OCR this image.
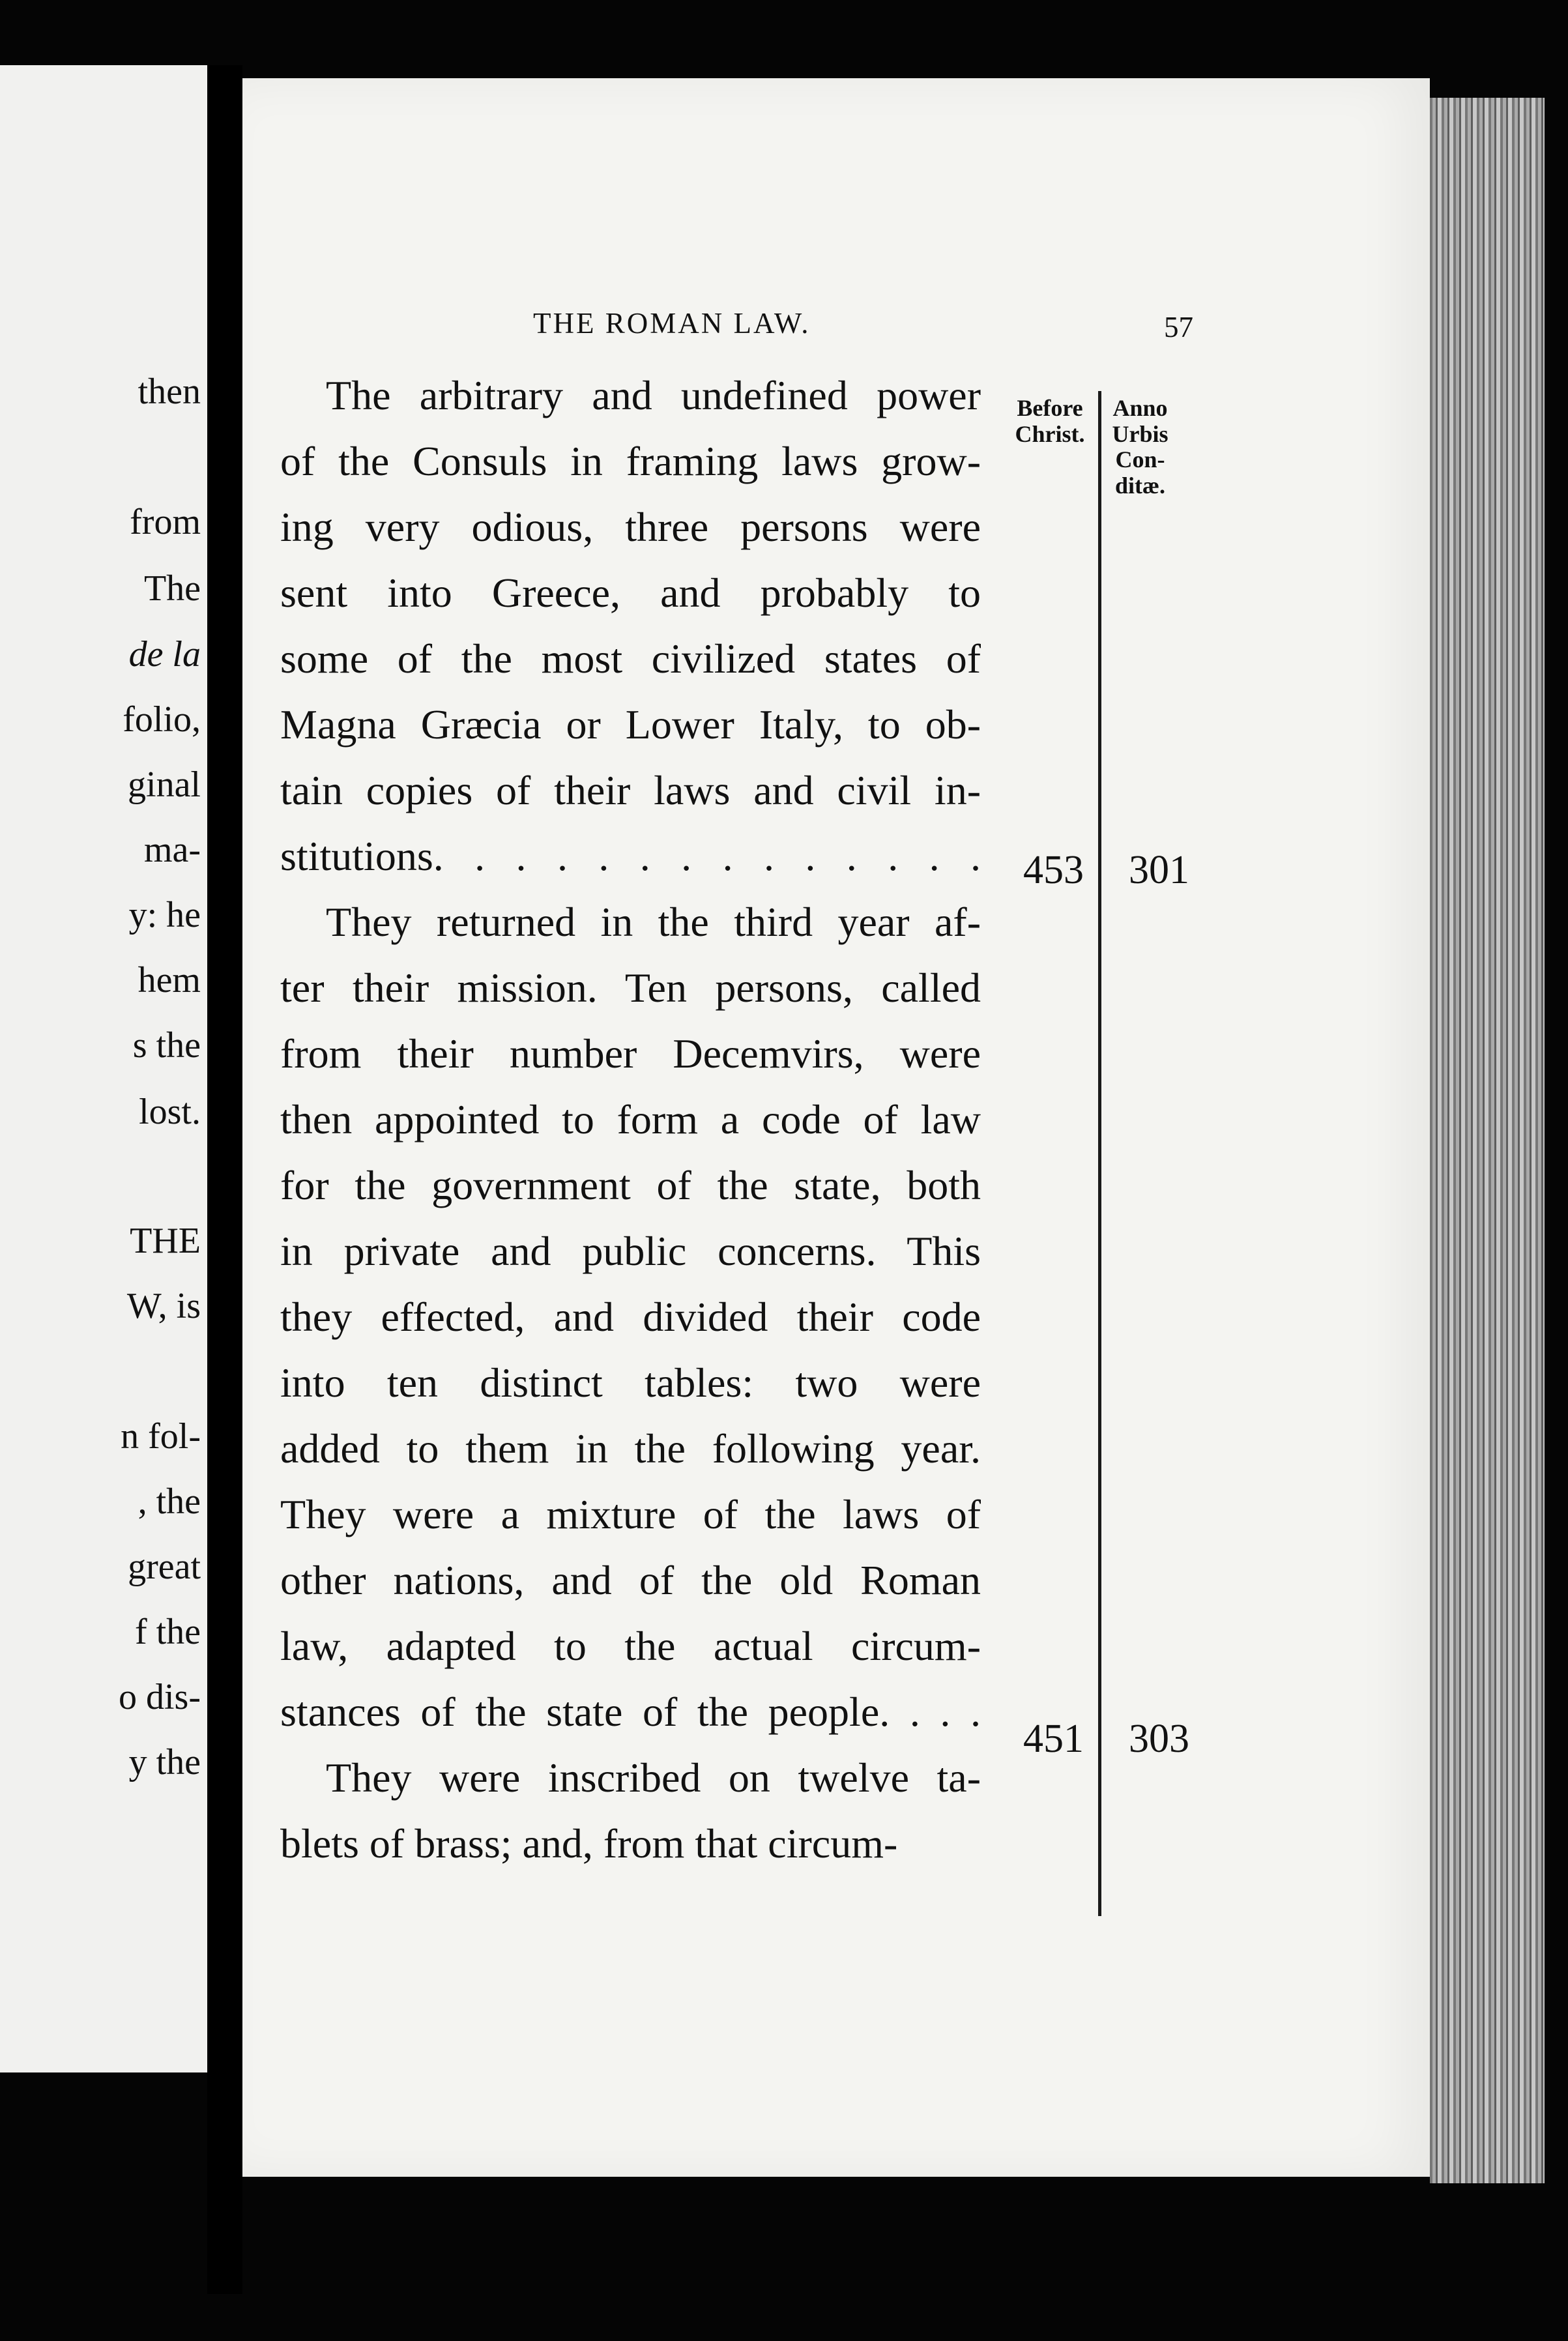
then
from
The
de la
folio,
ginal
ma-
y: he
hem
s the
lost.
THE
W, is
n fol-
, the
great
f the
o dis-
y the
THE ROMAN LAW.	57
Before
Christ.
Anno
Urbis
Con-
ditæ.
453 301
451 303
The arbitrary and undefined power
of the Consuls in framing laws grow-
ing very odious, three persons were
sent into Greece, and probably to
some of the most civilized states of
Magna Græcia or Lower Italy, to ob-
tain copies of their laws and civil in-
stitutions. . . . . . . . . . . . . .
They returned in the third year af-
ter their mission. Ten persons, called
from their number Decemvirs, were
then appointed to form a code of law
for the government of the state, both
in private and public concerns. This
they effected, and divided their code
into ten distinct tables: two were
added to them in the following year.
They were a mixture of the laws of
other nations, and of the old Roman
law, adapted to the actual circum-
stances of the state of the people. . . .
They were inscribed on twelve ta-
blets of brass; and, from that circum-
